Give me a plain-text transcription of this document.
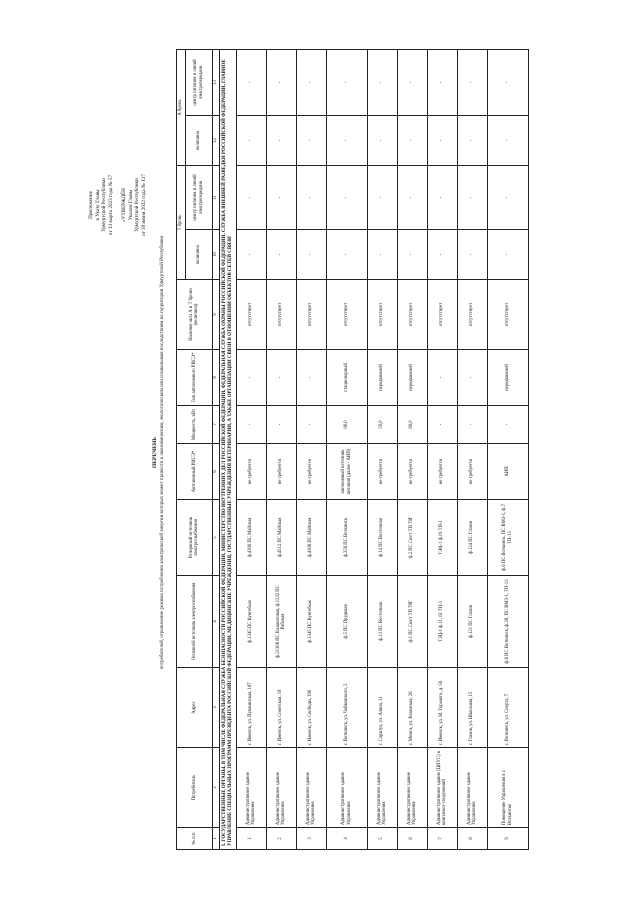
Приложение к Указу Главы Удмуртской Республики от 13 марта 2023 года № 57 «УТВЕРЖДЁН Указом Главы Удмуртской Республики от 30 июня 2022 года № 127
ПЕРЕЧЕНЬ потребителей, ограничение режима потребления электрической энергии которых может привести к экономическим, экологическим или социальным последствиям на территории Удмуртской Республики
№ п/п	Потребитель	Адрес	Основной источник электроснабжения	Резервный источник электроснабжения	Автономный РИСЭ*	Мощность, кВт	Тип автономного РИСЭ*	Наличие акта А и Т брони (величина)	Т бронь		А бронь	
									величина	центр питания и линий электропередачи	величина	центр питания и линий электропередачи
1	2	3	4	5	6	7	8	9	10	11	12	13
I. ГОСУДАРСТВЕННЫЕ ОРГАНЫ, В ТОМ ЧИСЛЕ ФЕДЕРАЛЬНАЯ СЛУЖБА БЕЗОПАСНОСТИ РОССИЙСКОЙ ФЕДЕРАЦИИ, МИНИСТЕРСТВО ВНУТРЕННИХ ДЕЛ РОССИЙСКОЙ ФЕДЕРАЦИИ, ФЕДЕРАЛЬНАЯ СЛУЖБА ОХРАНЫ РОССИЙСКОЙ ФЕДЕРАЦИИ, СЛУЖБА ВНЕШНЕЙ РАЗВЕДКИ РОССИЙСКОЙ ФЕДЕРАЦИИ, ГЛАВНОЕ УПРАВЛЕНИЕ СПЕЦИАЛЬНЫХ ПРОГРАММ ПРЕЗИДЕНТА РОССИЙСКОЙ ФЕДЕРАЦИИ, МЕДИЦИНСКИЕ УЧРЕЖДЕНИЯ, ГОСУДАРСТВЕННЫЕ УЧРЕЖДЕНИЯ ВЕТЕРИНАРИИ, А ТАКЖЕ ОРГАНИЗАЦИИ СВЯЗИ В ОТНОШЕНИИ ОБЪЕКТОВ СЕТЕЙ СВЯЗИ												
1	Административное здание Управления	г. Ижевск, ул. Пушкинская, 187	ф.1345 ПС Кунгебыж	ф.4306 ПС Майская	не требуется	-	-	отсутствует	-	-	-	-
2	Административное здание Управления	г. Ижевск, ул. Советская, 18	ф.21306 ПС Казанатовая, ф.1232 ПС Рабочая	ф.4512 ПС Майская	не требуется	-	-	отсутствует	-	-	-	-
3	Административное здание Управления	г. Ижевск, ул. Свободы, 190	ф.1345 ПС Кунгебыж	ф.4306 ПС Майская	не требуется	-	-	отсутствует	-	-	-	-
4	Административное здание Управления	г. Воткинск, ул. Чайковского, 2	ф.5 ПС Прудовая	ф.256 ПС Воткинск	автономный источник питания (далее - АИП)	80,0	стационарный	отсутствует	-	-	-	-
5	Административное здание Управления	г. Сарапул, ул. Азина, 31	ф.13 ПС Восточная	ф.14 ПС Восточная	не требуется	50,0	передвижной	отсутствует	-	-	-	-
6	Административное здание Управления	г. Можга, ул. Казанская, 26	ф.1 ПС Сюгт ТП 78Г	ф.2 ПС Сюгт ТП 78Г	не требуется	60,0	передвижной	отсутствует	-	-	-	-
7	Административное здание (ЦПУС) в комплексе сооружений	г. Ижевск, ул. М. Горького, д. 56	ТЭЦ-1 ф.11, 61 ТП-1	ТЭЦ-1 ф.19 ТП-1	не требуется	-	-	отсутствует	-	-	-	-
8	Административное здание Управления	г. Глазов, ул. Школьная, 15	ф.121 ПС Глазов	ф.124 ПС Глазов	не требуется	-	-	отсутствует	-	-	-	-
9	Помещение Управления в г. Воткинске	г. Воткинск, ул. Спорта, 7	ф.6 ПС Воткинск, ф.28, ПС ВМЗ-1, ТП-13	ф.6 ПС Воткинск, ПС ВМЗ-1, ф.7 ТП-13	АИП	-	передвижной	отсутствует	-	-	-	-
